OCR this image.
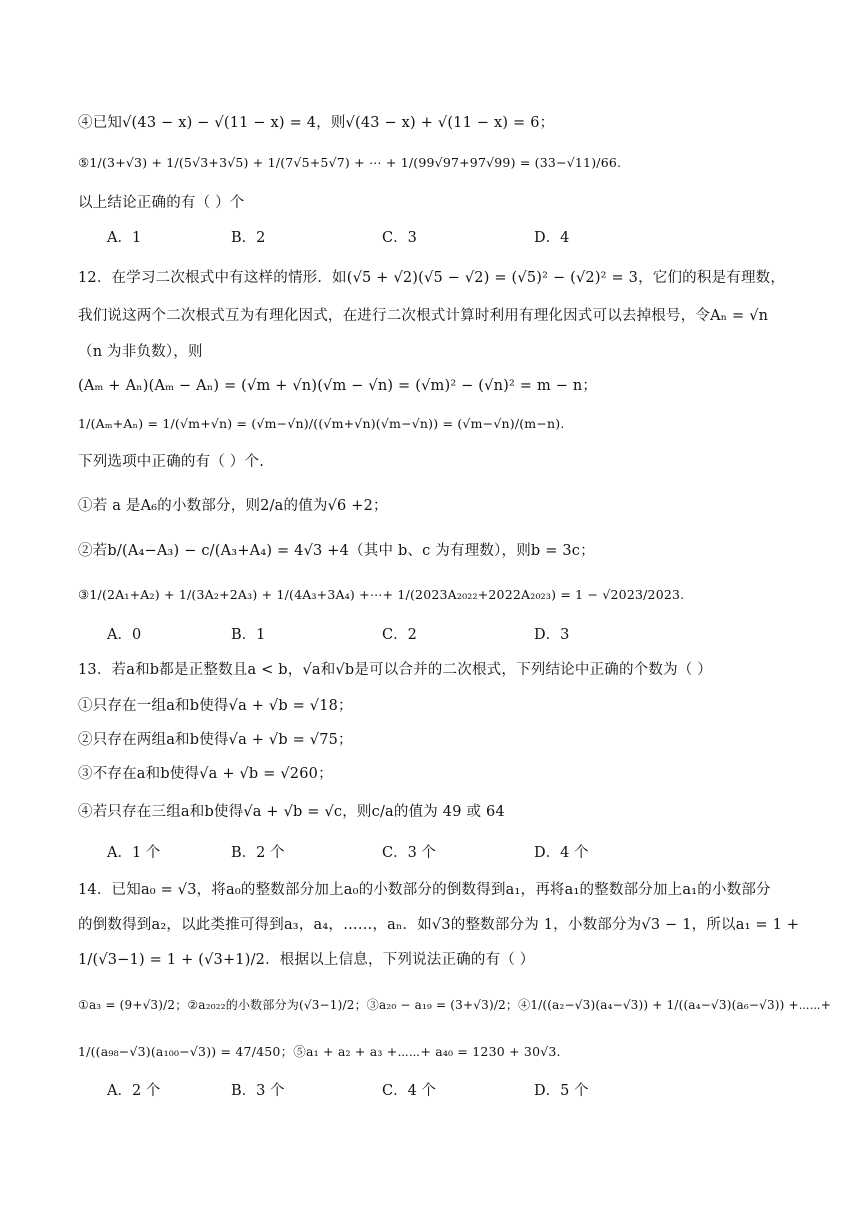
④已知√(43 − x) − √(11 − x) = 4，则√(43 − x) + √(11 − x) = 6；
⑤1/(3+√3) + 1/(5√3+3√5) + 1/(7√5+5√7) + ⋯ + 1/(99√97+97√99) = (33−√11)/66.
以上结论正确的有（ ）个
A．1	B．2	C．3	D．4
12．在学习二次根式中有这样的情形．如(√5 + √2)(√5 − √2) = (√5)² − (√2)² = 3，它们的积是有理数，
我们说这两个二次根式互为有理化因式，在进行二次根式计算时利用有理化因式可以去掉根号，令Aₙ = √n
（n 为非负数），则
(Aₘ + Aₙ)(Aₘ − Aₙ) = (√m + √n)(√m − √n) = (√m)² − (√n)² = m − n；
1/(Aₘ+Aₙ) = 1/(√m+√n) = (√m−√n)/((√m+√n)(√m−√n)) = (√m−√n)/(m−n).
下列选项中正确的有（ ）个.
①若 a 是A₆的小数部分，则2/a的值为√6 +2；
②若b/(A₄−A₃) − c/(A₃+A₄) = 4√3 +4（其中 b、c 为有理数），则b = 3c；
③1/(2A₁+A₂) + 1/(3A₂+2A₃) + 1/(4A₃+3A₄) +⋯+ 1/(2023A₂₀₂₂+2022A₂₀₂₃) = 1 − √2023/2023.
A．0	B．1	C．2	D．3
13．若a和b都是正整数且a < b，√a和√b是可以合并的二次根式，下列结论中正确的个数为（ ）
①只存在一组a和b使得√a + √b = √18；
②只存在两组a和b使得√a + √b = √75；
③不存在a和b使得√a + √b = √260；
④若只存在三组a和b使得√a + √b = √c，则c/a的值为 49 或 64
A．1 个	B．2 个	C．3 个	D．4 个
14．已知a₀ = √3，将a₀的整数部分加上a₀的小数部分的倒数得到a₁，再将a₁的整数部分加上a₁的小数部分
的倒数得到a₂，以此类推可得到a₃，a₄，……，aₙ．如√3的整数部分为 1，小数部分为√3 − 1，所以a₁ = 1 +
1/(√3−1) = 1 + (√3+1)/2．根据以上信息，下列说法正确的有（ ）
①a₃ = (9+√3)/2；②a₂₀₂₂的小数部分为(√3−1)/2；③a₂₀ − a₁₉ = (3+√3)/2；④1/((a₂−√3)(a₄−√3)) + 1/((a₄−√3)(a₆−√3)) +⋯⋯+
1/((a₉₈−√3)(a₁₀₀−√3)) = 47/450；⑤a₁ + a₂ + a₃ +⋯⋯+ a₄₀ = 1230 + 30√3.
A．2 个	B．3 个	C．4 个	D．5 个
